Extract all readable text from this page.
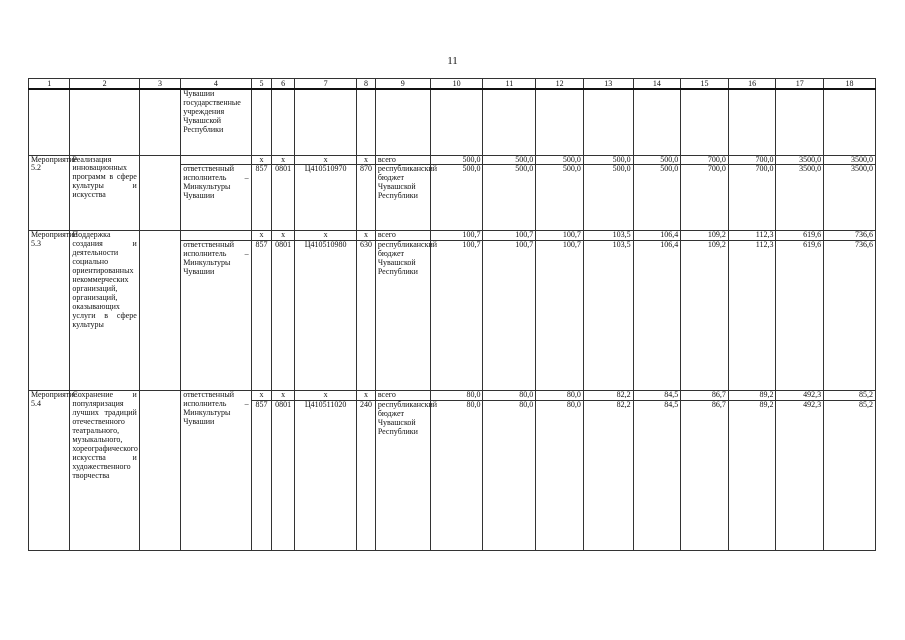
11
1	2	3	4	5	6	7	8	9	10	11	12	13	14	15	16	17	18
			Чувашии государственные учреждения Чувашской Республики														
Мероприятие 5.2	Реализация инновационных программ в сфере культуры и искусства			x	x	x	x	всего	500,0	500,0	500,0	500,0	500,0	700,0	700,0	3500,0	3500,0
			ответственный исполнитель – Минкультуры Чувашии	857	0801	Ц410510970	870	республиканский бюджет Чувашской Республики	500,0	500,0	500,0	500,0	500,0	700,0	700,0	3500,0	3500,0
Мероприятие 5.3	Поддержка создания и деятельности социально ориентированных некоммерческих организаций, организаций, оказывающих услуги в сфере культуры			x	x	x	x	всего	100,7	100,7	100,7	103,5	106,4	109,2	112,3	619,6	736,6
			ответственный исполнитель – Минкультуры Чувашии	857	0801	Ц410510980	630	республиканский бюджет Чувашской Республики	100,7	100,7	100,7	103,5	106,4	109,2	112,3	619,6	736,6
Мероприятие 5.4	Сохранение и популяризация лучших традиций отечественного театрального, музыкального, хореографического искусства и художественного творчества		ответственный исполнитель – Минкультуры Чувашии	x	x	x	x	всего	80,0	80,0	80,0	82,2	84,5	86,7	89,2	492,3	85,2
				857	0801	Ц410511020	240	республиканский бюджет Чувашской Республики	80,0	80,0	80,0	82,2	84,5	86,7	89,2	492,3	85,2
